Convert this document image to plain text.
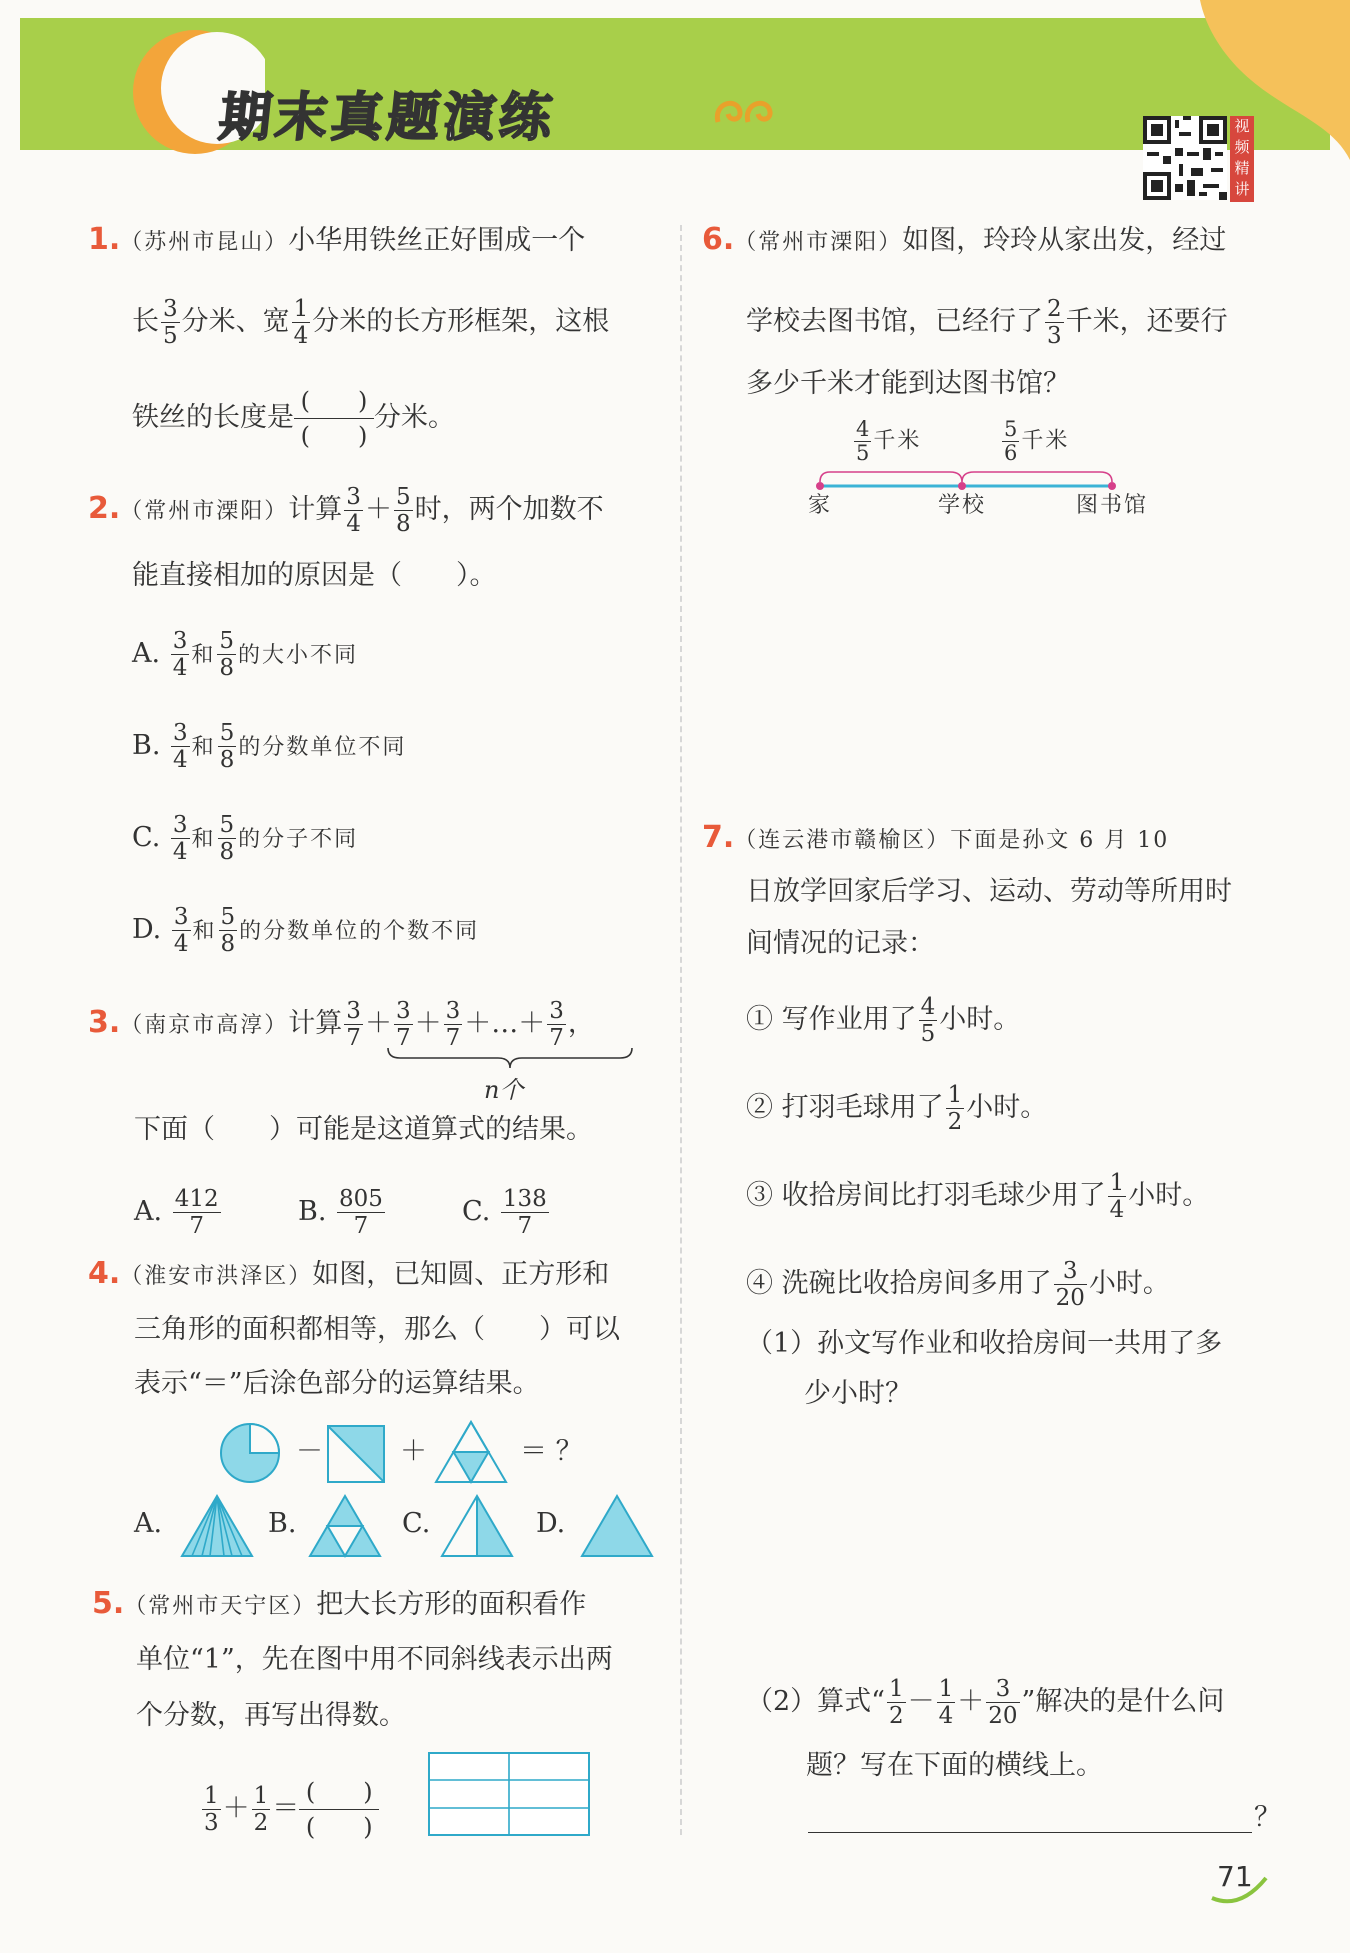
期末真题演练	视频精讲
1.（苏州市昆山）小华用铁丝正好围成一个
长 $\frac{3}{5}$ 分米、宽 $\frac{1}{4}$ 分米的长方形框架，这根
铁丝的长度是 $\frac{( )}{( )}$ 分米。
2.（常州市溧阳）计算 $\frac{3}{4} + \frac{5}{8}$ 时，两个加数不
能直接相加的原因是（　　）。
A. $\frac{3}{4}$ 和 $\frac{5}{8}$ 的大小不同
B. $\frac{3}{4}$ 和 $\frac{5}{8}$ 的分数单位不同
C. $\frac{3}{4}$ 和 $\frac{5}{8}$ 的分子不同
D. $\frac{3}{4}$ 和 $\frac{5}{8}$ 的分数单位的个数不同
3.（南京市高淳）计算 $\frac{3}{7} + \frac{3}{7} + \frac{3}{7}$ ＋…＋ $\frac{3}{7}$ ，
n个
下面（　　）可能是这道算式的结果。
A. $\frac{412}{7}$	B. $\frac{805}{7}$	C. $\frac{138}{7}$
4.（淮安市洪泽区）如图，已知圆、正方形和
三角形的面积都相等，那么（　　）可以
表示“＝”后涂色部分的运算结果。
－	＋	＝ ？
A.	B.	C.	D.
5.（常州市天宁区）把大长方形的面积看作
单位“1”，先在图中用不同斜线表示出两
个分数，再写出得数。
$\frac{1}{3} + \frac{1}{2} = \frac{( )}{( )}$
6.（常州市溧阳）如图，玲玲从家出发，经过
学校去图书馆，已经行了 $\frac{2}{3}$ 千米，还要行
多少千米才能到达图书馆？
$\frac{4}{5}$ 千米	$\frac{5}{6}$ 千米
家	学校	图书馆
7.（连云港市赣榆区）下面是孙文 6 月 10
日放学回家后学习、运动、劳动等所用时
间情况的记录：
① 写作业用了 $\frac{4}{5}$ 小时。
② 打羽毛球用了 $\frac{1}{2}$ 小时。
③ 收拾房间比打羽毛球少用了 $\frac{1}{4}$ 小时。
④ 洗碗比收拾房间多用了 $\frac{3}{20}$ 小时。
（1）孙文写作业和收拾房间一共用了多
少小时？
（2）算式“ $\frac{1}{2} - \frac{1}{4} + \frac{3}{20}$ ”解决的是什么问
题？写在下面的横线上。
？
71
